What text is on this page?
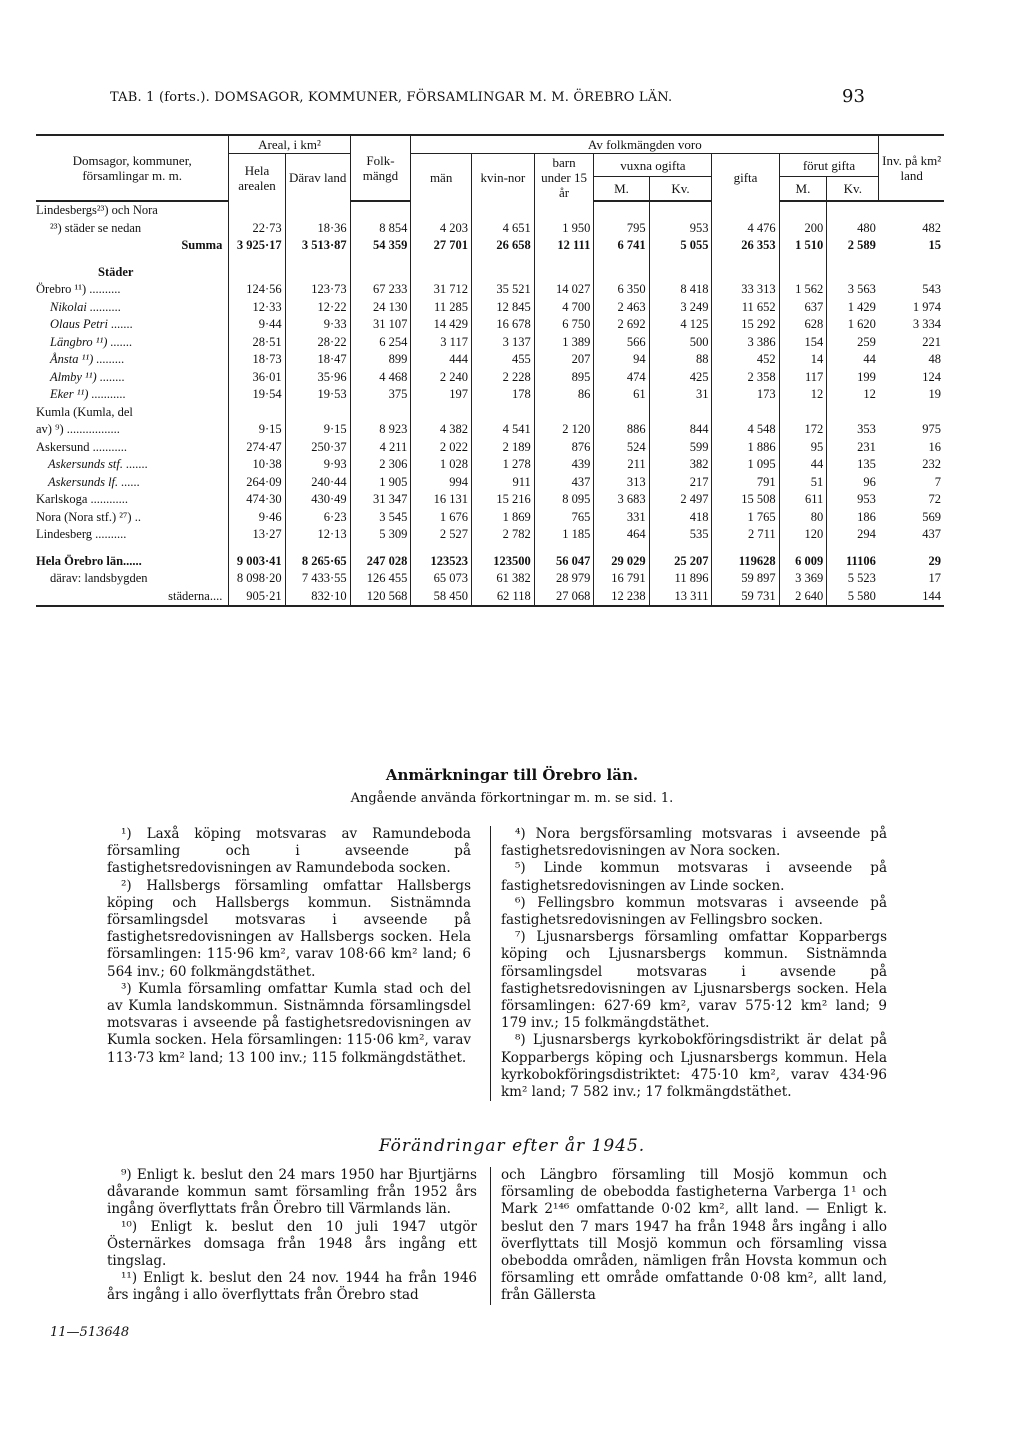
TAB. 1 (forts.). DOMSAGOR, KOMMUNER, FÖRSAMLINGAR M. M. ÖREBRO LÄN.	93
Domsagor, kommuner, församlingar m. m.	Areal, i km²		Folk-mängd	Av folkmängden voro								Inv. på km² land
	Hela arealen	Därav land		män	kvin-nor	barn under 15 år	vuxna ogifta		gifta	förut gifta		
							M.	Kv.		M.	Kv.	
Lindesbergs²³) och Nora												
²³) städer se nedan	22·73	18·36	8 854	4 203	4 651	1 950	795	953	4 476	200	480	482
Summa	3 925·17	3 513·87	54 359	27 701	26 658	12 111	6 741	5 055	26 353	1 510	2 589	15

Städer												
Örebro ¹¹) ..........	124·56	123·73	67 233	31 712	35 521	14 027	6 350	8 418	33 313	1 562	3 563	543
Nikolai ..........	12·33	12·22	24 130	11 285	12 845	4 700	2 463	3 249	11 652	637	1 429	1 974
Olaus Petri .......	9·44	9·33	31 107	14 429	16 678	6 750	2 692	4 125	15 292	628	1 620	3 334
Längbro ¹¹) .......	28·51	28·22	6 254	3 117	3 137	1 389	566	500	3 386	154	259	221
Ånsta ¹¹) .........	18·73	18·47	899	444	455	207	94	88	452	14	44	48
Almby ¹¹) ........	36·01	35·96	4 468	2 240	2 228	895	474	425	2 358	117	199	124
Eker ¹¹) ...........	19·54	19·53	375	197	178	86	61	31	173	12	12	19
Kumla (Kumla, del												
av) ⁹) .................	9·15	9·15	8 923	4 382	4 541	2 120	886	844	4 548	172	353	975
Askersund ...........	274·47	250·37	4 211	2 022	2 189	876	524	599	1 886	95	231	16
Askersunds stf. .......	10·38	9·93	2 306	1 028	1 278	439	211	382	1 095	44	135	232
Askersunds lf. ......	264·09	240·44	1 905	994	911	437	313	217	791	51	96	7
Karlskoga ............	474·30	430·49	31 347	16 131	15 216	8 095	3 683	2 497	15 508	611	953	72
Nora (Nora stf.) ²⁷) ..	9·46	6·23	3 545	1 676	1 869	765	331	418	1 765	80	186	569
Lindesberg ..........	13·27	12·13	5 309	2 527	2 782	1 185	464	535	2 711	120	294	437

Hela Örebro län......	9 003·41	8 265·65	247 028	123523	123500	56 047	29 029	25 207	119628	6 009	11106	29
därav: landsbygden	8 098·20	7 433·55	126 455	65 073	61 382	28 979	16 791	11 896	59 897	3 369	5 523	17
städerna....	905·21	832·10	120 568	58 450	62 118	27 068	12 238	13 311	59 731	2 640	5 580	144
Anmärkningar till Örebro län.
Angående använda förkortningar m. m. se sid. 1.

¹) Laxå köping motsvaras av Ramundeboda församling och i avseende på fastighetsredovisningen av Ramundeboda socken.

²) Hallsbergs församling omfattar Hallsbergs köping och Hallsbergs kommun. Sistnämnda församlingsdel motsvaras i avseende på fastighetsredovisningen av Hallsbergs socken. Hela församlingen: 115·96 km², varav 108·66 km² land; 6 564 inv.; 60 folkmängdstäthet.

³) Kumla församling omfattar Kumla stad och del av Kumla landskommun. Sistnämnda församlingsdel motsvaras i avseende på fastighetsredovisningen av Kumla socken. Hela församlingen: 115·06 km², varav 113·73 km² land; 13 100 inv.; 115 folkmängdstäthet.

⁴) Nora bergsförsamling motsvaras i avseende på fastighetsredovisningen av Nora socken.

⁵) Linde kommun motsvaras i avseende på fastighetsredovisningen av Linde socken.

⁶) Fellingsbro kommun motsvaras i avseende på fastighetsredovisningen av Fellingsbro socken.

⁷) Ljusnarsbergs församling omfattar Kopparbergs köping och Ljusnarsbergs kommun. Sistnämnda församlingsdel motsvaras i avsende på fastighetsredovisningen av Ljusnarsbergs socken. Hela församlingen: 627·69 km², varav 575·12 km² land; 9 179 inv.; 15 folkmängdstäthet.

⁸) Ljusnarsbergs kyrkobokföringsdistrikt är delat på Kopparbergs köping och Ljusnarsbergs kommun. Hela kyrkobokföringsdistriktet: 475·10 km², varav 434·96 km² land; 7 582 inv.; 17 folkmängdstäthet.

Förändringar efter år 1945.

⁹) Enligt k. beslut den 24 mars 1950 har Bjurtjärns dåvarande kommun samt församling från 1952 års ingång överflyttats från Örebro till Värmlands län.

¹⁰) Enligt k. beslut den 10 juli 1947 utgör Östernärkes domsaga från 1948 års ingång ett tingslag.

¹¹) Enligt k. beslut den 24 nov. 1944 ha från 1946 års ingång i allo överflyttats från Örebro stad

och Längbro församling till Mosjö kommun och församling de obebodda fastigheterna Varberga 1¹ och Mark 2¹⁴⁶ omfattande 0·02 km², allt land. — Enligt k. beslut den 7 mars 1947 ha från 1948 års ingång i allo överflyttats till Mosjö kommun och församling vissa obebodda områden, nämligen från Hovsta kommun och församling ett område omfattande 0·08 km², allt land, från Gällersta

11—513648
